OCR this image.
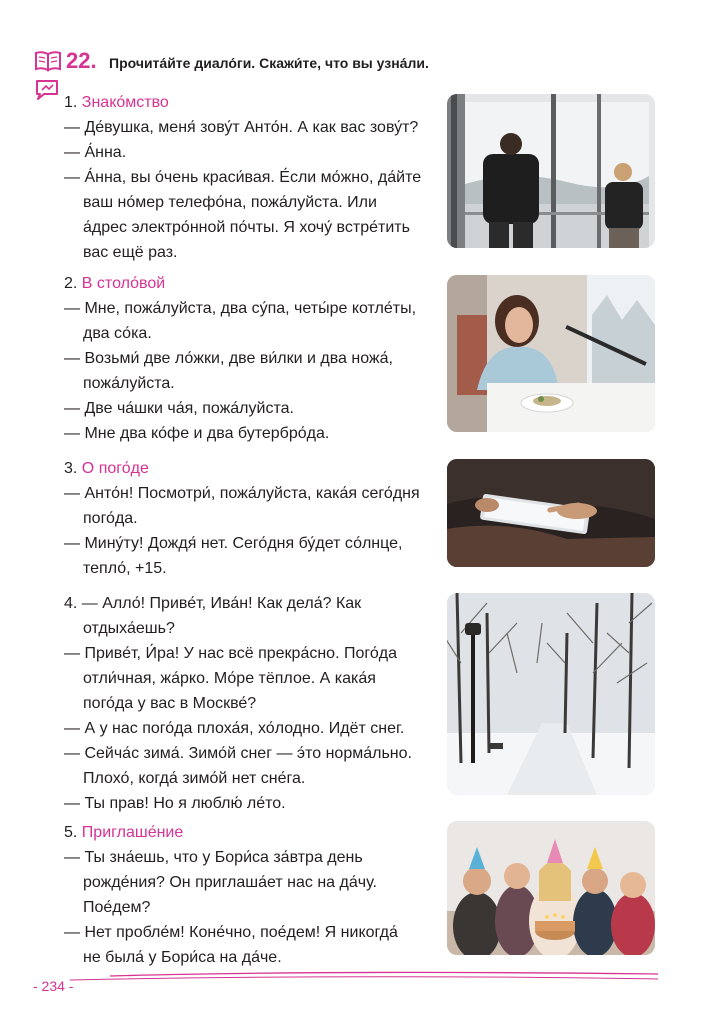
22. Прочита́йте диало́ги. Скажи́те, что вы узна́ли.
1. Знако́мство
— Де́вушка, меня́ зову́т Анто́н. А как вас зову́т?
— А́нна.
— А́нна, вы о́чень краси́вая. Е́сли мо́жно, да́йте
ваш но́мер телефо́на, пожа́луйста. Или
а́дрес электро́нной по́чты. Я хочу́ встре́тить
вас ещё раз.
2. В столо́вой
— Мне, пожа́луйста, два су́па, четы́ре котле́ты,
два со́ка.
— Возьми́ две ло́жки, две ви́лки и два ножа́,
пожа́луйста.
— Две ча́шки ча́я, пожа́луйста.
— Мне два ко́фе и два бутербро́да.
3. О пого́де
— Анто́н! Посмотри́, пожа́луйста, кака́я сего́дня
пого́да.
— Мину́ту! Дождя́ нет. Сего́дня бу́дет со́лнце,
тепло́, +15.
4. — Алло́! Приве́т, Ива́н! Как дела́? Как
отдыха́ешь?
— Приве́т, И́ра! У нас всё прекра́сно. Пого́да
отли́чная, жа́рко. Мо́ре тёплое. А кака́я
пого́да у вас в Москве́?
— А у нас пого́да плоха́я, хо́лодно. Идёт снег.
— Сейча́с зима́. Зимо́й снег — э́то норма́льно.
Плохо́, когда́ зимо́й нет сне́га.
— Ты прав! Но я люблю́ ле́то.
5. Приглаше́ние
— Ты зна́ешь, что у Бори́са за́втра день
рожде́ния? Он приглаша́ет нас на да́чу.
Пое́дем?
— Нет пробле́м! Коне́чно, пое́дем! Я никогда́
не была́ у Бори́са на да́че.
- 234 -
